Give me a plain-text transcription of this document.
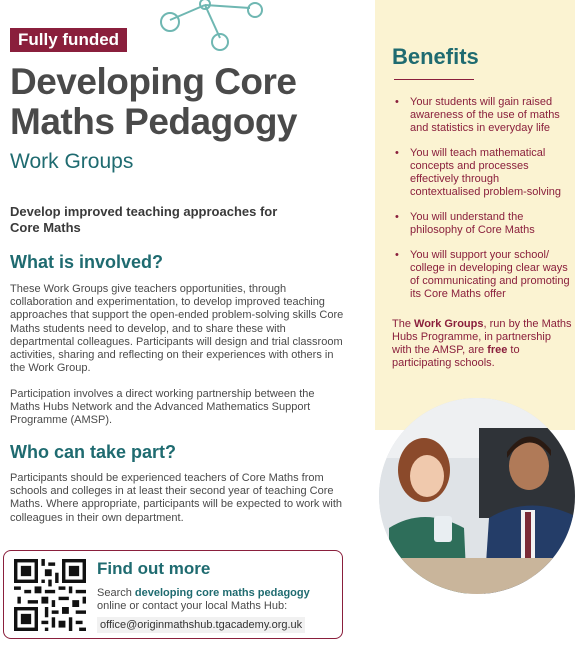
Fully funded
Developing Core
Maths Pedagogy
Work Groups
Develop improved teaching approaches for Core Maths
What is involved?

These Work Groups give teachers opportunities, through collaboration and experimentation, to develop improved teaching approaches that support the open-ended problem-solving skills Core Maths students need to develop, and to share these with departmental colleagues. Participants will design and trial classroom activities, sharing and reflecting on their experiences with others in the Work Group.

Participation involves a direct working partnership between the Maths Hubs Network and the Advanced Mathematics Support Programme (AMSP).

Who can take part?

Participants should be experienced teachers of Core Maths from schools and colleges in at least their second year of teaching Core Maths. Where appropriate, participants will be expected to work with colleagues in their own department.

Benefits
• Your students will gain raised awareness of the use of maths and statistics in everyday life
• You will teach mathematical concepts and processes effectively through contextualised problem-solving
• You will understand the philosophy of Core Maths
• You will support your school/ college in developing clear ways of communicating and promoting its Core Maths offer

The Work Groups, run by the Maths Hubs Programme, in partnership with the AMSP, are free to participating schools.

Find out more

Search developing core maths pedagogy online or contact your local Maths Hub:

office@originmathshub.tgacademy.org.uk
